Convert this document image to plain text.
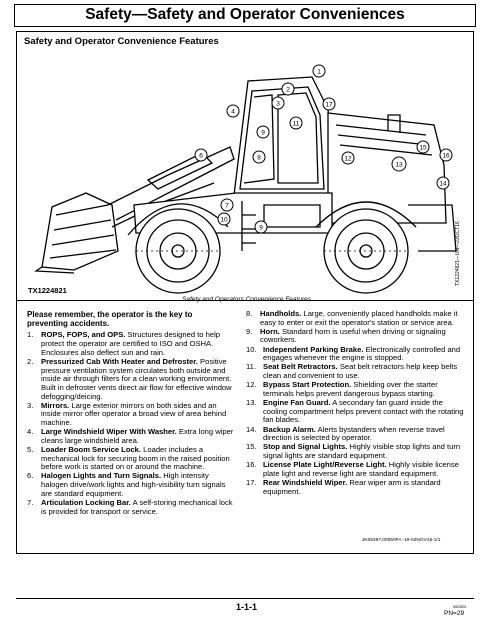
Safety—Safety and Operator Conveniences
Safety and Operator Convenience Features
1
2
3
4
9
6
7
8
9
10
11
12
13
14
15
16
17
TX1224821
TX1224821—UN—23OCT16
Safety and Operators Convenience Features

Please remember, the operator is the key to preventing accidents.

1. ROPS, FOPS, and OPS. Structures designed to help protect the operator are certified to ISO and OSHA. Enclosures also deflect sun and rain.
2. Pressurized Cab With Heater and Defroster. Positive pressure ventilation system circulates both outside and inside air through filters for a clean working environment. Built in defroster vents direct air flow for effective window defogging/deicing.
3. Mirrors. Large exterior mirrors on both sides and an inside mirror offer operator a broad view of area behind machine.
4. Large Windshield Wiper With Washer. Extra long wiper cleans large windshield area.
5. Loader Boom Service Lock. Loader includes a mechanical lock for securing boom in the raised position before work is started on or around the machine.
6. Halogen Lights and Turn Signals. High intensity halogen drive/work lights and high-visibility turn signals are standard equipment.
7. Articulation Locking Bar. A self-storing mechanical lock is provided for transport or service.
8. Handholds. Large, conveniently placed handholds make it easy to enter or exit the operator's station or service area.
9. Horn. Standard horn is useful when driving or signaling coworkers.
10. Independent Parking Brake. Electronically controlled and engages whenever the engine is stopped.
11. Seat Belt Retractors. Seat belt retractors help keep belts clean and convenient to use.
12. Bypass Start Protection. Shielding over the starter terminals helps prevent dangerous bypass starting.
13. Engine Fan Guard. A secondary fan guard inside the cooling compartment helps prevent contact with the rotating fan blades.
14. Backup Alarm. Alerts bystanders when reverse travel direction is selected by operator.
15. Stop and Signal Lights. Highly visible stop lights and turn signal lights are standard equipment.
16. License Plate Light/Reverse Light. Highly visible license plate light and reverse light are standard equipment.
17. Rear Windshield Wiper. Rear wiper arm is standard equipment.
JK05397,00050FA -19-02NOV16-1/1
1-1-1	060920
PN=29
